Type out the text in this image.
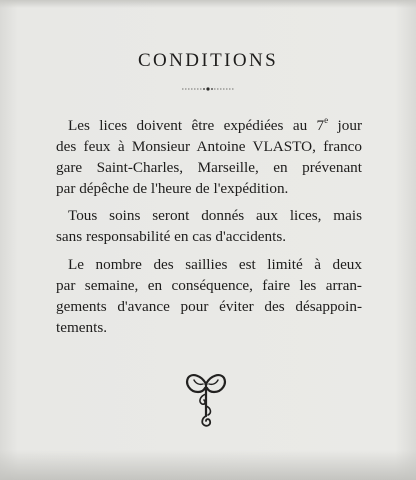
CONDITIONS

Les lices doivent être expédiées au 7e jour
des feux à Monsieur Antoine VLASTO, franco
gare Saint-Charles, Marseille, en prévenant
par dépêche de l'heure de l'expédition.

Tous soins seront donnés aux lices, mais
sans responsabilité en cas d'accidents.

Le nombre des saillies est limité à deux
par semaine, en conséquence, faire les arran-
gements d'avance pour éviter des désappoin-
tements.
